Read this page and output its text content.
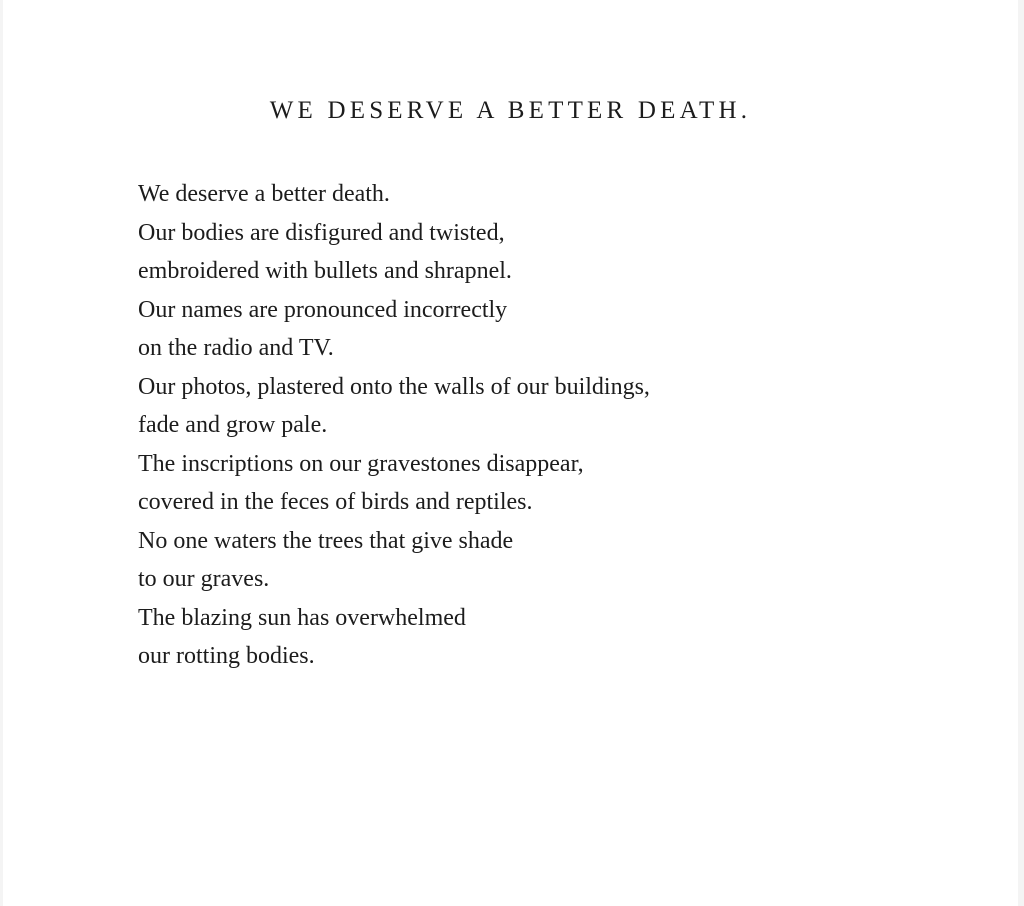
WE DESERVE A BETTER DEATH.
We deserve a better death.
Our bodies are disfigured and twisted,
embroidered with bullets and shrapnel.
Our names are pronounced incorrectly
on the radio and TV.
Our photos, plastered onto the walls of our buildings,
fade and grow pale.
The inscriptions on our gravestones disappear,
covered in the feces of birds and reptiles.
No one waters the trees that give shade
to our graves.
The blazing sun has overwhelmed
our rotting bodies.
